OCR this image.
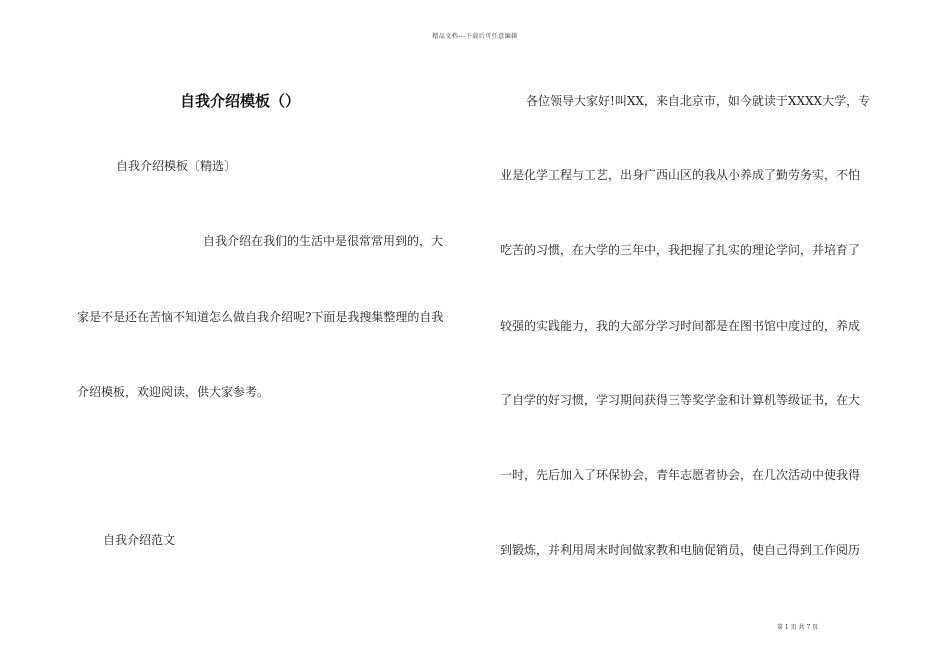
精品文档---下载后可任意编辑
自我介绍模板（）
自我介绍模板〔精选〕
自我介绍在我们的生活中是很常常用到的，大
家是不是还在苦恼不知道怎么做自我介绍呢?下面是我搜集整理的自我
介绍模板，欢迎阅读，供大家参考。
自我介绍范文
各位领导大家好!叫XX，来自北京市，如今就读于XXXX大学，专
业是化学工程与工艺，出身广西山区的我从小养成了勤劳务实，不怕
吃苦的习惯，在大学的三年中，我把握了扎实的理论学问，并培育了
较强的实践能力，我的大部分学习时间都是在图书馆中度过的，养成
了自学的好习惯，学习期间获得三等奖学金和计算机等级证书，在大
一时，先后加入了环保协会，青年志愿者协会，在几次活动中使我得
到锻炼，并利用周末时间做家教和电脑促销员，使自己得到工作阅历
第 1 页 共 7 页
